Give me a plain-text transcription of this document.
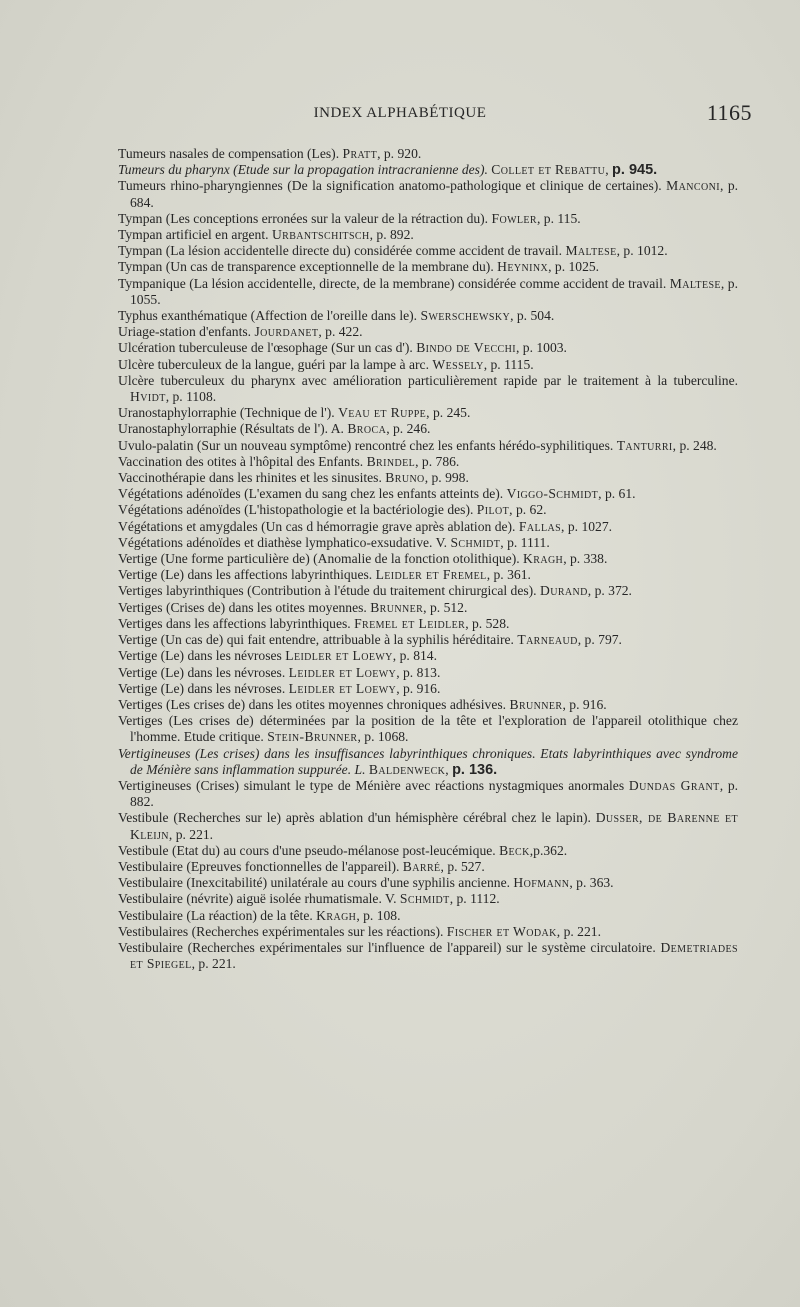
INDEX ALPHABÉTIQUE	1165
Tumeurs nasales de compensation (Les). Pratt, p. 920.
Tumeurs du pharynx (Etude sur la propagation intracranienne des). Collet et Rebattu, p. 945.
Tumeurs rhino-pharyngiennes (De la signification anatomo-pathologique et clinique de certaines). Manconi, p. 684.
Tympan (Les conceptions erronées sur la valeur de la rétraction du). Fowler, p. 115.
Tympan artificiel en argent. Urbantschitsch, p. 892.
Tympan (La lésion accidentelle directe du) considérée comme accident de travail. Maltese, p. 1012.
Tympan (Un cas de transparence exceptionnelle de la membrane du). Heyninx, p. 1025.
Tympanique (La lésion accidentelle, directe, de la membrane) considérée comme accident de travail. Maltese, p. 1055.
Typhus exanthématique (Affection de l'oreille dans le). Swerschewsky, p. 504.
Uriage-station d'enfants. Jourdanet, p. 422.
Ulcération tuberculeuse de l'œsophage (Sur un cas d'). Bindo de Vecchi, p. 1003.
Ulcère tuberculeux de la langue, guéri par la lampe à arc. Wessely, p. 1115.
Ulcère tuberculeux du pharynx avec amélioration particulièrement rapide par le traitement à la tuberculine. Hvidt, p. 1108.
Uranostaphylorraphie (Technique de l'). Veau et Ruppe, p. 245.
Uranostaphylorraphie (Résultats de l'). A. Broca, p. 246.
Uvulo-palatin (Sur un nouveau symptôme) rencontré chez les enfants hérédo-syphilitiques. Tanturri, p. 248.
Vaccination des otites à l'hôpital des Enfants. Brindel, p. 786.
Vaccinothérapie dans les rhinites et les sinusites. Bruno, p. 998.
Végétations adénoïdes (L'examen du sang chez les enfants atteints de). Viggo-Schmidt, p. 61.
Végétations adénoïdes (L'histopathologie et la bactériologie des). Pilot, p. 62.
Végétations et amygdales (Un cas d hémorragie grave après ablation de). Fallas, p. 1027.
Végétations adénoïdes et diathèse lymphatico-exsudative. V. Schmidt, p. 1111.
Vertige (Une forme particulière de) (Anomalie de la fonction otolithique). Kragh, p. 338.
Vertige (Le) dans les affections labyrinthiques. Leidler et Fremel, p. 361.
Vertiges labyrinthiques (Contribution à l'étude du traitement chirurgical des). Durand, p. 372.
Vertiges (Crises de) dans les otites moyennes. Brunner, p. 512.
Vertiges dans les affections labyrinthiques. Fremel et Leidler, p. 528.
Vertige (Un cas de) qui fait entendre, attribuable à la syphilis héréditaire. Tarneaud, p. 797.
Vertige (Le) dans les névroses Leidler et Loewy, p. 814.
Vertige (Le) dans les névroses. Leidler et Loewy, p. 813.
Vertige (Le) dans les névroses. Leidler et Loewy, p. 916.
Vertiges (Les crises de) dans les otites moyennes chroniques adhésives. Brunner, p. 916.
Vertiges (Les crises de) déterminées par la position de la tête et l'exploration de l'appareil otolithique chez l'homme. Etude critique. Stein-Brunner, p. 1068.
Vertigineuses (Les crises) dans les insuffisances labyrinthiques chroniques. Etats labyrinthiques avec syndrome de Ménière sans inflammation suppurée. L. Baldenweck, p. 136.
Vertigineuses (Crises) simulant le type de Ménière avec réactions nystagmiques anormales Dundas Grant, p. 882.
Vestibule (Recherches sur le) après ablation d'un hémisphère cérébral chez le lapin). Dusser, de Barenne et Kleijn, p. 221.
Vestibule (Etat du) au cours d'une pseudo-mélanose post-leucémique. Beck,p.362.
Vestibulaire (Epreuves fonctionnelles de l'appareil). Barré, p. 527.
Vestibulaire (Inexcitabilité) unilatérale au cours d'une syphilis ancienne. Hofmann, p. 363.
Vestibulaire (névrite) aiguë isolée rhumatismale. V. Schmidt, p. 1112.
Vestibulaire (La réaction) de la tête. Kragh, p. 108.
Vestibulaires (Recherches expérimentales sur les réactions). Fischer et Wodak, p. 221.
Vestibulaire (Recherches expérimentales sur l'influence de l'appareil) sur le système circulatoire. Demetriades et Spiegel, p. 221.
